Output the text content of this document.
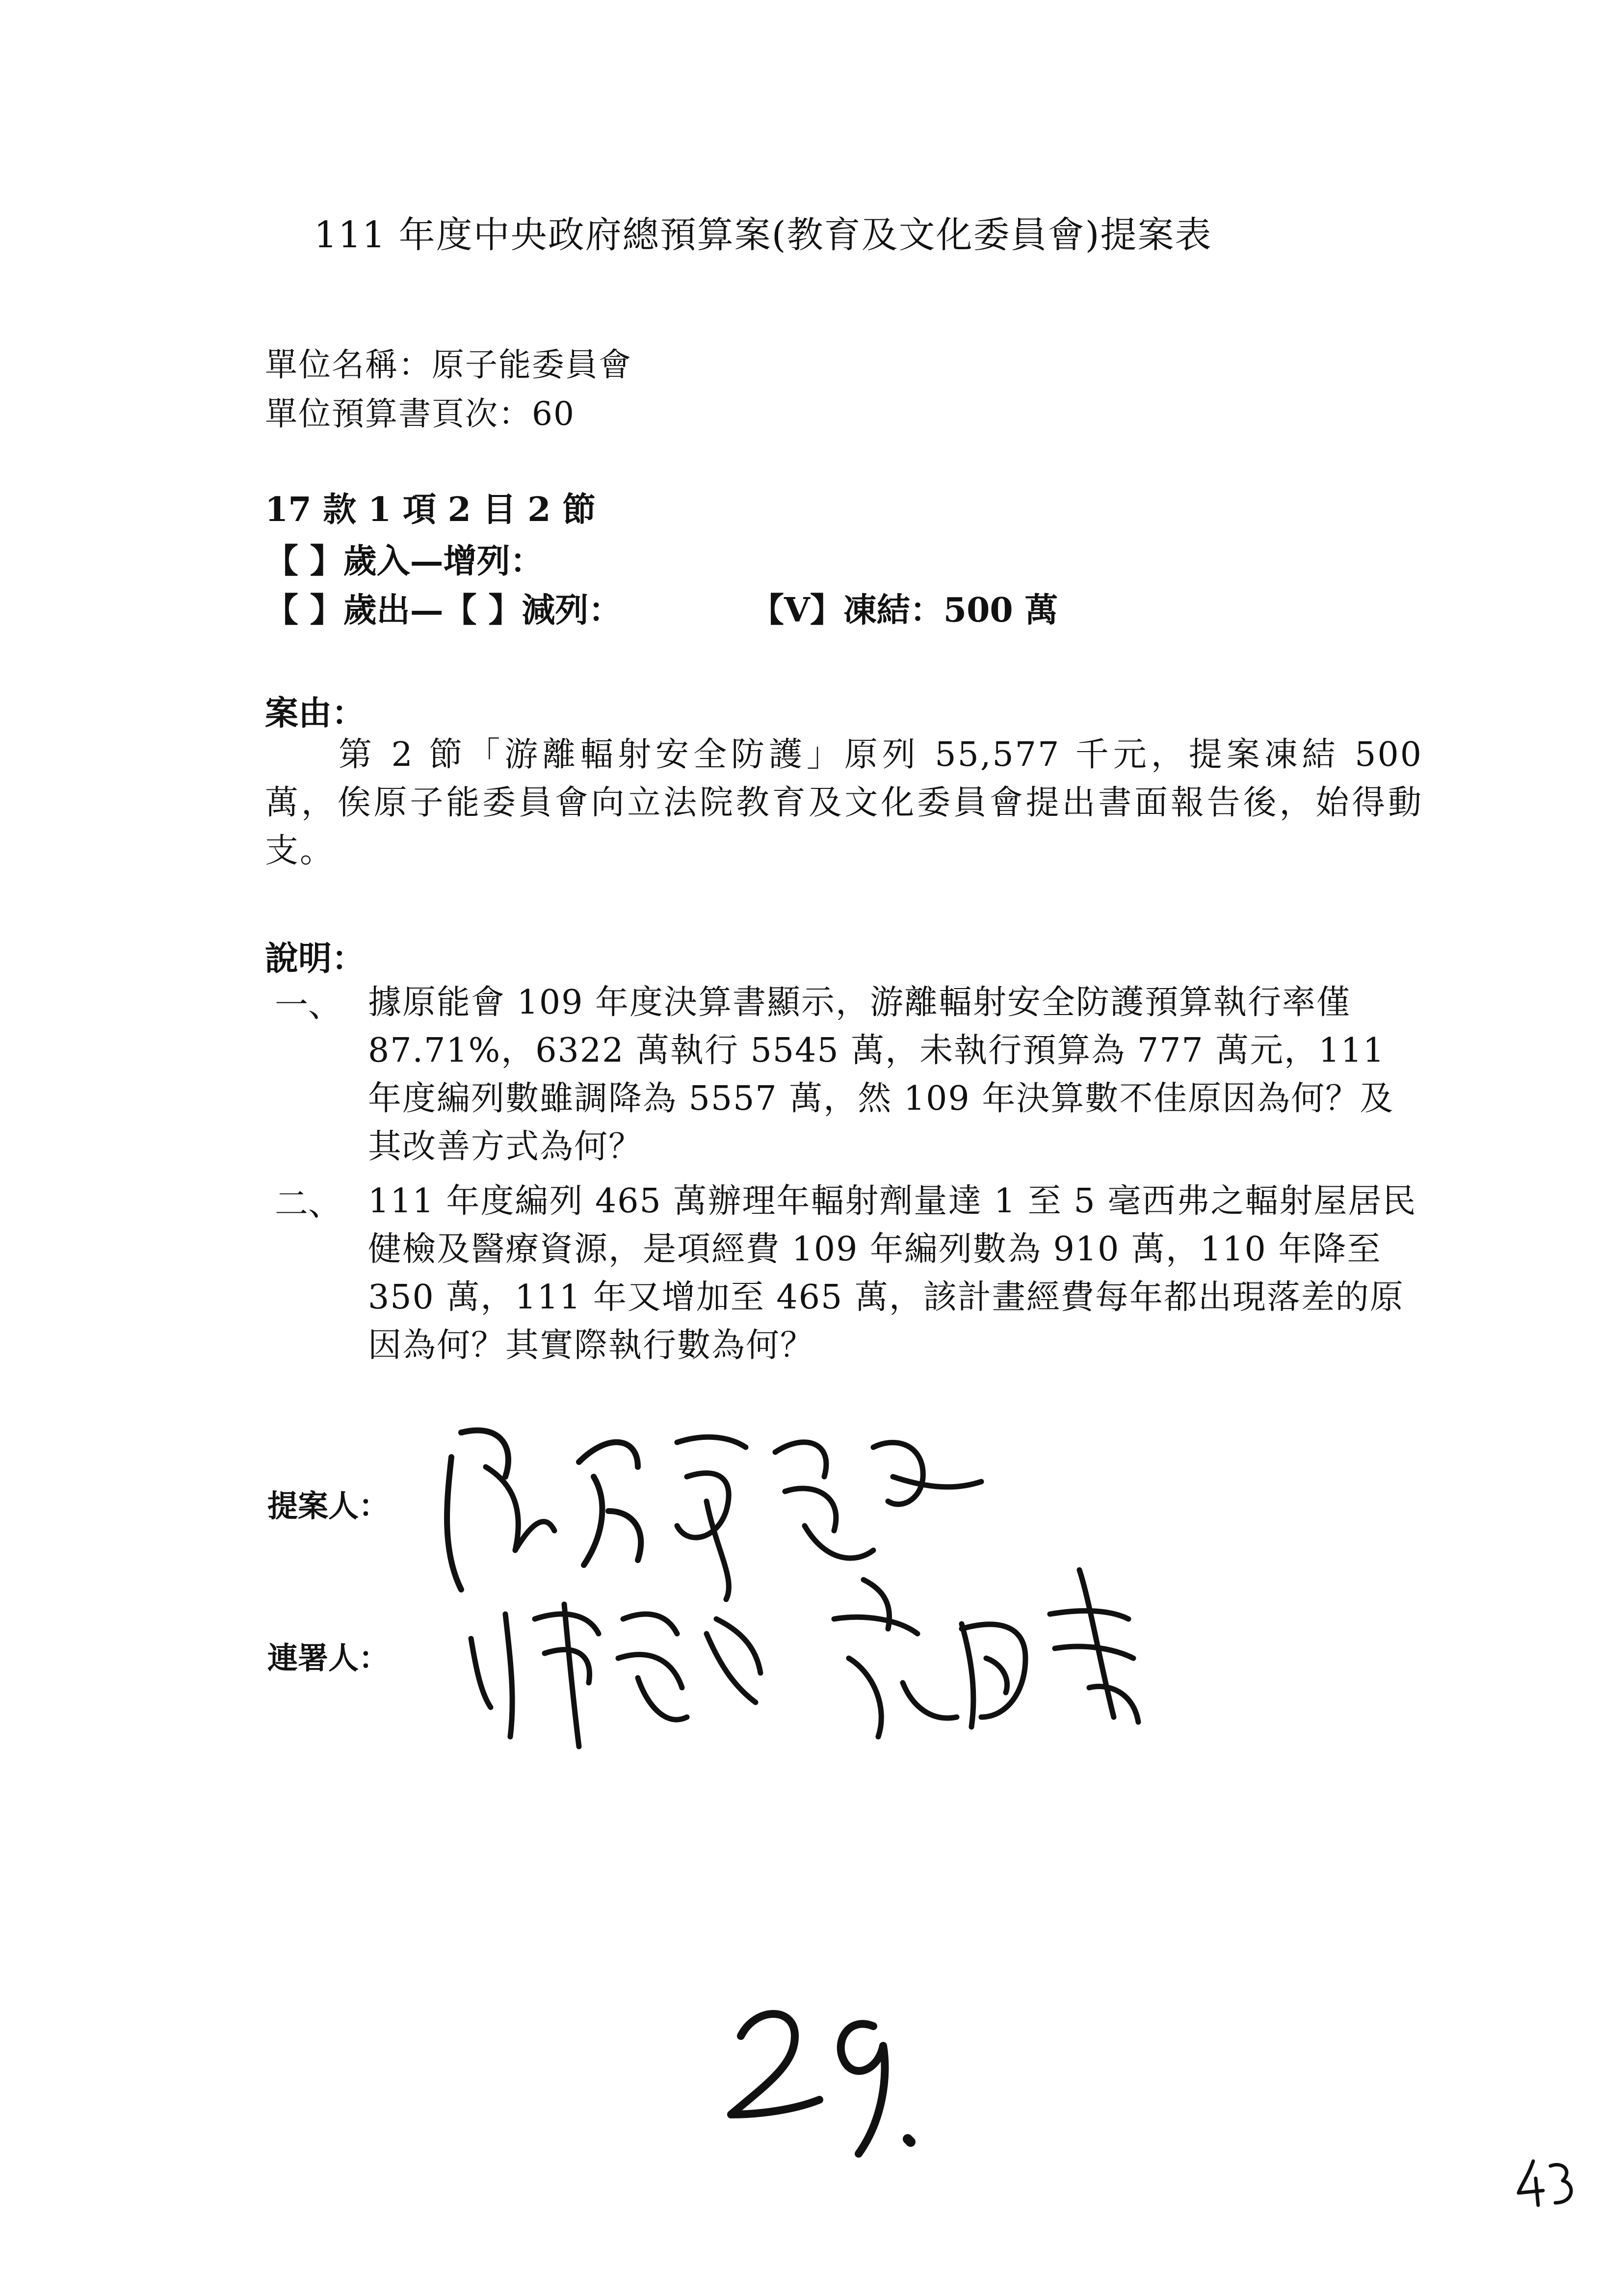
111 年度中央政府總預算案(教育及文化委員會)提案表
單位名稱：原子能委員會
單位預算書頁次：60
17 款 1 項 2 目 2 節
【 】歲入—增列：
【 】歲出—【 】減列：	【V】凍結：500 萬
案由：
第 2 節「游離輻射安全防護」原列 55,577 千元，提案凍結 500 萬，俟原子能委員會向立法院教育及文化委員會提出書面報告後，始得動支。
說明：
一、 據原能會 109 年度決算書顯示，游離輻射安全防護預算執行率僅 87.71%，6322 萬執行 5545 萬，未執行預算為 777 萬元，111 年度編列數雖調降為 5557 萬，然 109 年決算數不佳原因為何？及其改善方式為何？
二、 111 年度編列 465 萬辦理年輻射劑量達 1 至 5 毫西弗之輻射屋居民健檢及醫療資源，是項經費 109 年編列數為 910 萬，110 年降至 350 萬，111 年又增加至 465 萬，該計畫經費每年都出現落差的原因為何？其實際執行數為何？
提案人：
連署人：
